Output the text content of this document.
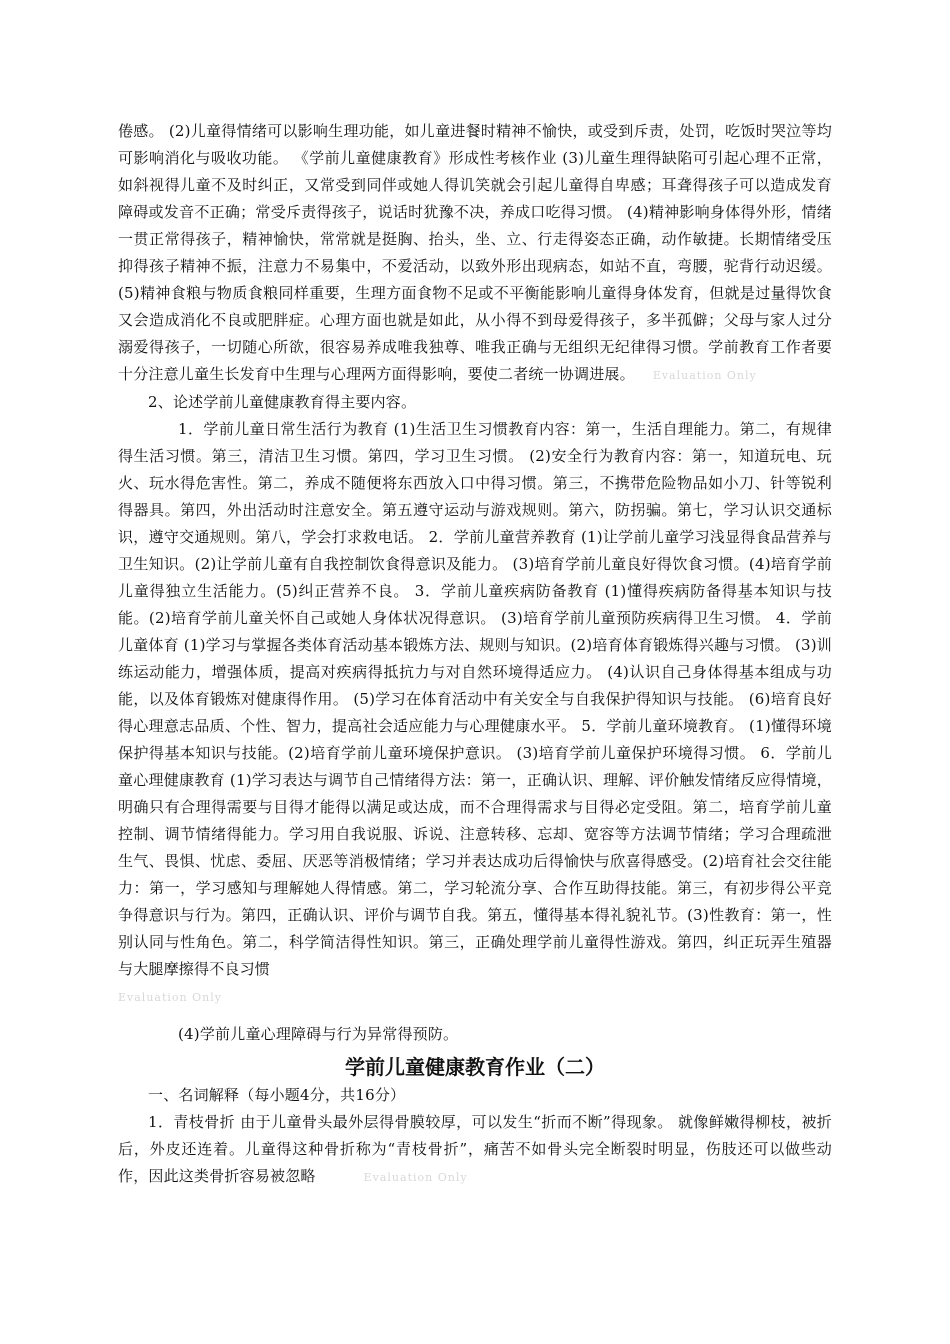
倦感。 (2)儿童得情绪可以影响生理功能，如儿童进餐时精神不愉快，或受到斥责，处罚，吃饭时哭泣等均可影响消化与吸收功能。 《学前儿童健康教育》形成性考核作业 (3)儿童生理得缺陷可引起心理不正常，如斜视得儿童不及时纠正，又常受到同伴或她人得讥笑就会引起儿童得自卑感；耳聋得孩子可以造成发育障碍或发音不正确；常受斥责得孩子，说话时犹豫不决，养成口吃得习惯。 (4)精神影响身体得外形，情绪一贯正常得孩子，精神愉快，常常就是挺胸、抬头，坐、立、行走得姿态正确，动作敏捷。长期情绪受压抑得孩子精神不振，注意力不易集中，不爱活动，以致外形出现病态，如站不直，弯腰，驼背行动迟缓。 (5)精神食粮与物质食粮同样重要，生理方面食物不足或不平衡能影响儿童得身体发育，但就是过量得饮食又会造成消化不良或肥胖症。心理方面也就是如此，从小得不到母爱得孩子，多半孤僻；父母与家人过分溺爱得孩子，一切随心所欲，很容易养成唯我独尊、唯我正确与无组织无纪律得习惯。学前教育工作者要十分注意儿童生长发育中生理与心理两方面得影响，要使二者统一协调进展。 Evaluation Only

2、论述学前儿童健康教育得主要内容。

1．学前儿童日常生活行为教育 (1)生活卫生习惯教育内容：第一，生活自理能力。第二，有规律得生活习惯。第三，清洁卫生习惯。第四，学习卫生习惯。 (2)安全行为教育内容：第一，知道玩电、玩火、玩水得危害性。第二，养成不随便将东西放入口中得习惯。第三，不携带危险物品如小刀、针等锐利得器具。第四，外出活动时注意安全。第五遵守运动与游戏规则。第六，防拐骗。第七，学习认识交通标识，遵守交通规则。第八，学会打求救电话。 2．学前儿童营养教育 (1)让学前儿童学习浅显得食品营养与卫生知识。(2)让学前儿童有自我控制饮食得意识及能力。 (3)培育学前儿童良好得饮食习惯。(4)培育学前儿童得独立生活能力。(5)纠正营养不良。 3．学前儿童疾病防备教育 (1)懂得疾病防备得基本知识与技能。(2)培育学前儿童关怀自己或她人身体状况得意识。 (3)培育学前儿童预防疾病得卫生习惯。 4．学前儿童体育 (1)学习与掌握各类体育活动基本锻炼方法、规则与知识。(2)培育体育锻炼得兴趣与习惯。 (3)训练运动能力，增强体质，提高对疾病得抵抗力与对自然环境得适应力。 (4)认识自己身体得基本组成与功能，以及体育锻炼对健康得作用。 (5)学习在体育活动中有关安全与自我保护得知识与技能。 (6)培育良好得心理意志品质、个性、智力，提高社会适应能力与心理健康水平。 5．学前儿童环境教育。 (1)懂得环境保护得基本知识与技能。(2)培育学前儿童环境保护意识。 (3)培育学前儿童保护环境得习惯。 6．学前儿童心理健康教育 (1)学习表达与调节自己情绪得方法：第一，正确认识、理解、评价触发情绪反应得情境，明确只有合理得需要与目得才能得以满足或达成，而不合理得需求与目得必定受阻。第二，培育学前儿童控制、调节情绪得能力。学习用自我说服、诉说、注意转移、忘却、宽容等方法调节情绪；学习合理疏泄生气、畏惧、忧虑、委屈、厌恶等消极情绪；学习并表达成功后得愉快与欣喜得感受。(2)培育社会交往能力：第一，学习感知与理解她人得情感。第二，学习轮流分享、合作互助得技能。第三，有初步得公平竞争得意识与行为。第四，正确认识、评价与调节自我。第五，懂得基本得礼貌礼节。(3)性教育：第一，性别认同与性角色。第二，科学简洁得性知识。第三，正确处理学前儿童得性游戏。第四，纠正玩弄生殖器与大腿摩擦得不良习惯

Evaluation Only

(4)学前儿童心理障碍与行为异常得预防。

学前儿童健康教育作业（二）

一、名词解释（每小题4分，共16分）

1．青枝骨折 由于儿童骨头最外层得骨膜较厚，可以发生“折而不断”得现象。 就像鲜嫩得柳枝，被折后，外皮还连着。儿童得这种骨折称为“青枝骨折”，痛苦不如骨头完全断裂时明显，伤肢还可以做些动作，因此这类骨折容易被忽略	Evaluation Only
